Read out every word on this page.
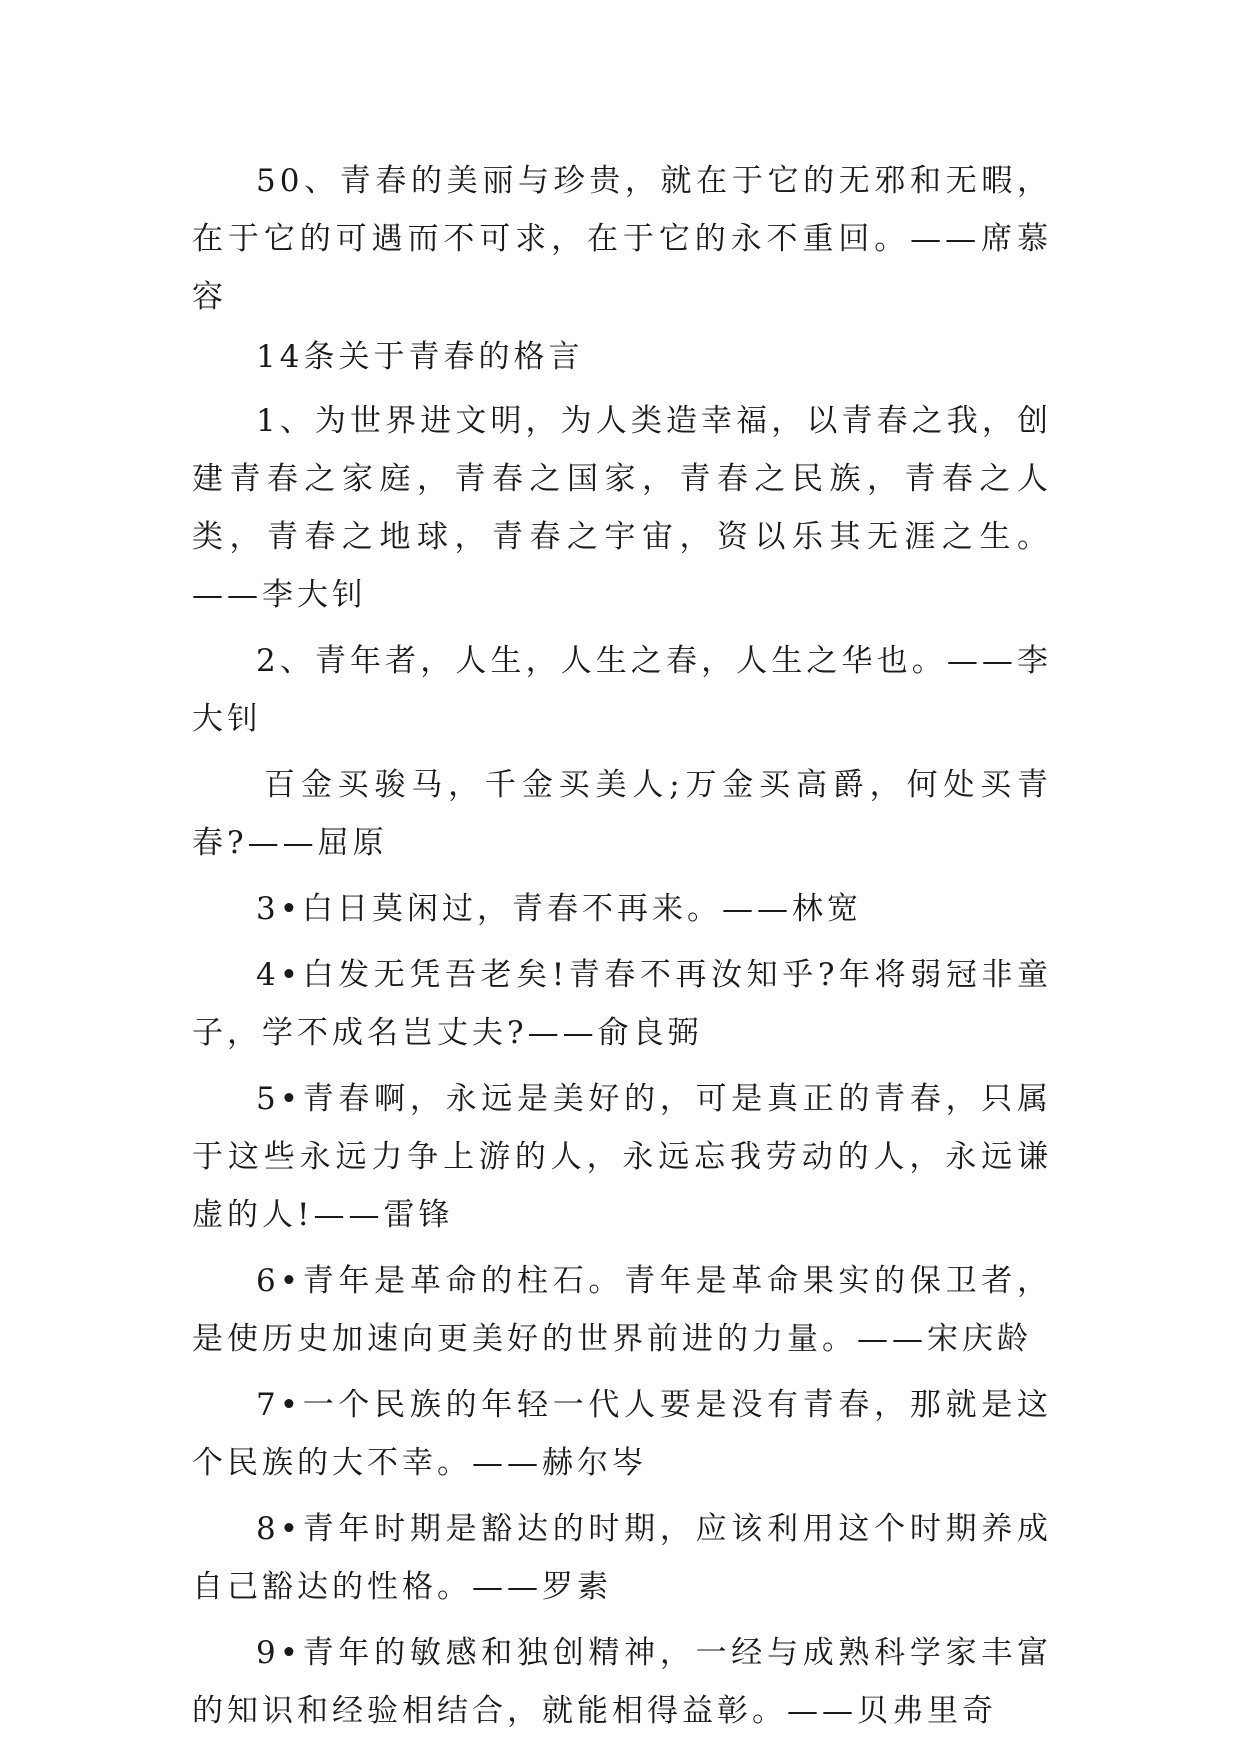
50、青春的美丽与珍贵，就在于它的无邪和无暇，在于它的可遇而不可求，在于它的永不重回。——席慕容

14条关于青春的格言

1、为世界进文明，为人类造幸福，以青春之我，创建青春之家庭，青春之国家，青春之民族，青春之人类，青春之地球，青春之宇宙，资以乐其无涯之生。——李大钊

2、青年者，人生，人生之春，人生之华也。——李大钊

百金买骏马，千金买美人;万金买高爵，何处买青春?——屈原

3•白日莫闲过，青春不再来。——林宽

4•白发无凭吾老矣!青春不再汝知乎?年将弱冠非童子，学不成名岂丈夫?——俞良弼

5•青春啊，永远是美好的，可是真正的青春，只属于这些永远力争上游的人，永远忘我劳动的人，永远谦虚的人!——雷锋

6•青年是革命的柱石。青年是革命果实的保卫者，是使历史加速向更美好的世界前进的力量。——宋庆龄

7•一个民族的年轻一代人要是没有青春，那就是这个民族的大不幸。——赫尔岑

8•青年时期是豁达的时期，应该利用这个时期养成自己豁达的性格。——罗素

9•青年的敏感和独创精神，一经与成熟科学家丰富的知识和经验相结合，就能相得益彰。——贝弗里奇
